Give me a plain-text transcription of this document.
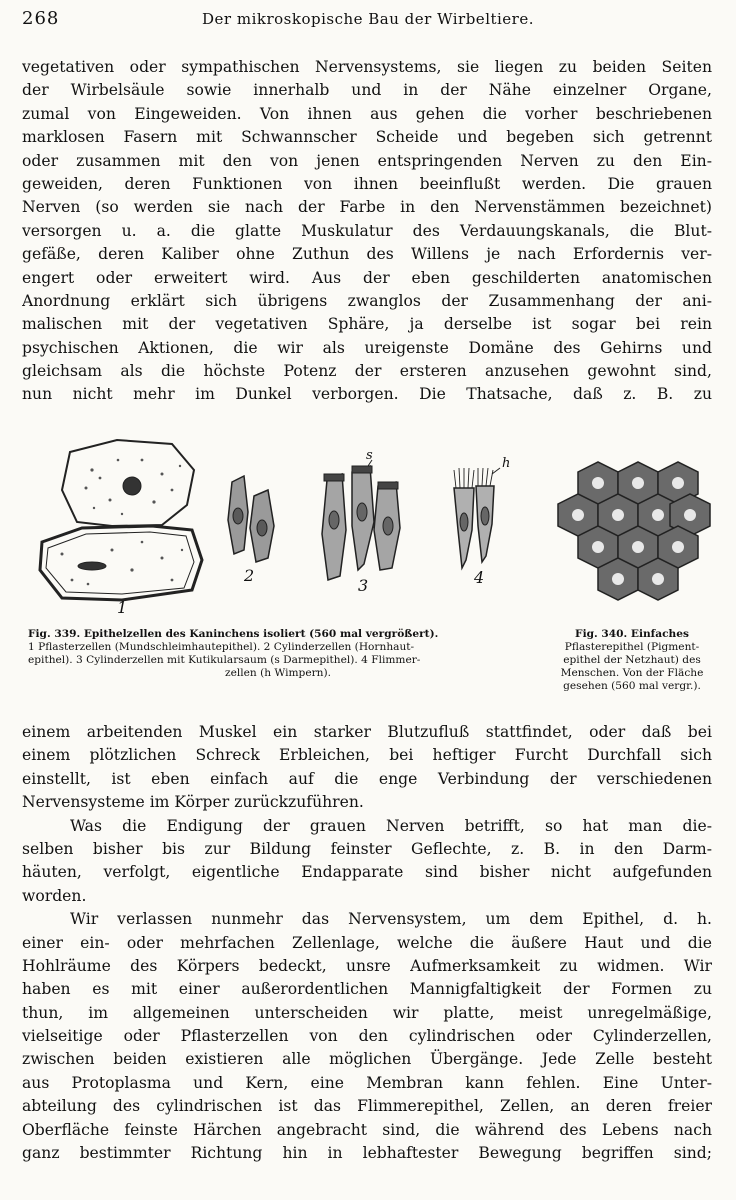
268	Der mikroskopische Bau der Wirbeltiere.
vegetativen oder sympathischen Nervensystems, sie liegen zu beiden Seiten
der Wirbelsäule sowie innerhalb und in der Nähe einzelner Organe,
zumal von Eingeweiden. Von ihnen aus gehen die vorher beschriebenen
marklosen Fasern mit Schwannscher Scheide und begeben sich getrennt
oder zusammen mit den von jenen entspringenden Nerven zu den Ein-
geweiden, deren Funktionen von ihnen beeinflußt werden. Die grauen
Nerven (so werden sie nach der Farbe in den Nervenstämmen bezeichnet)
versorgen u. a. die glatte Muskulatur des Verdauungskanals, die Blut-
gefäße, deren Kaliber ohne Zuthun des Willens je nach Erfordernis ver-
engert oder erweitert wird. Aus der eben geschilderten anatomischen
Anordnung erklärt sich übrigens zwanglos der Zusammenhang der ani-
malischen mit der vegetativen Sphäre, ja derselbe ist sogar bei rein
psychischen Aktionen, die wir als ureigenste Domäne des Gehirns und
gleichsam als die höchste Potenz der ersteren anzusehen gewohnt sind,
nun nicht mehr im Dunkel verborgen. Die Thatsache, daß z. B. zu
1
2
3	4
s
h
Fig. 339. Epithelzellen des Kaninchens isoliert (560 mal vergrößert).
1 Pflasterzellen (Mundschleimhautepithel). 2 Cylinderzellen (Hornhaut-
epithel). 3 Cylinderzellen mit Kutikularsaum (s Darmepithel). 4 Flimmer-
zellen (h Wimpern).
Fig. 340. Einfaches
Pflasterepithel (Pigment-
epithel der Netzhaut) des
Menschen. Von der Fläche
gesehen (560 mal vergr.).
einem arbeitenden Muskel ein starker Blutzufluß stattfindet, oder daß bei
einem plötzlichen Schreck Erbleichen, bei heftiger Furcht Durchfall sich
einstellt, ist eben einfach auf die enge Verbindung der verschiedenen
Nervensysteme im Körper zurückzuführen.
Was die Endigung der grauen Nerven betrifft, so hat man die-
selben bisher bis zur Bildung feinster Geflechte, z. B. in den Darm-
häuten, verfolgt, eigentliche Endapparate sind bisher nicht aufgefunden
worden.
Wir verlassen nunmehr das Nervensystem, um dem Epithel, d. h.
einer ein- oder mehrfachen Zellenlage, welche die äußere Haut und die
Hohlräume des Körpers bedeckt, unsre Aufmerksamkeit zu widmen. Wir
haben es mit einer außerordentlichen Mannigfaltigkeit der Formen zu
thun, im allgemeinen unterscheiden wir platte, meist unregelmäßige,
vielseitige oder Pflasterzellen von den cylindrischen oder Cylinderzellen,
zwischen beiden existieren alle möglichen Übergänge. Jede Zelle besteht
aus Protoplasma und Kern, eine Membran kann fehlen. Eine Unter-
abteilung des cylindrischen ist das Flimmerepithel, Zellen, an deren freier
Oberfläche feinste Härchen angebracht sind, die während des Lebens nach
ganz bestimmter Richtung hin in lebhaftester Bewegung begriffen sind;
